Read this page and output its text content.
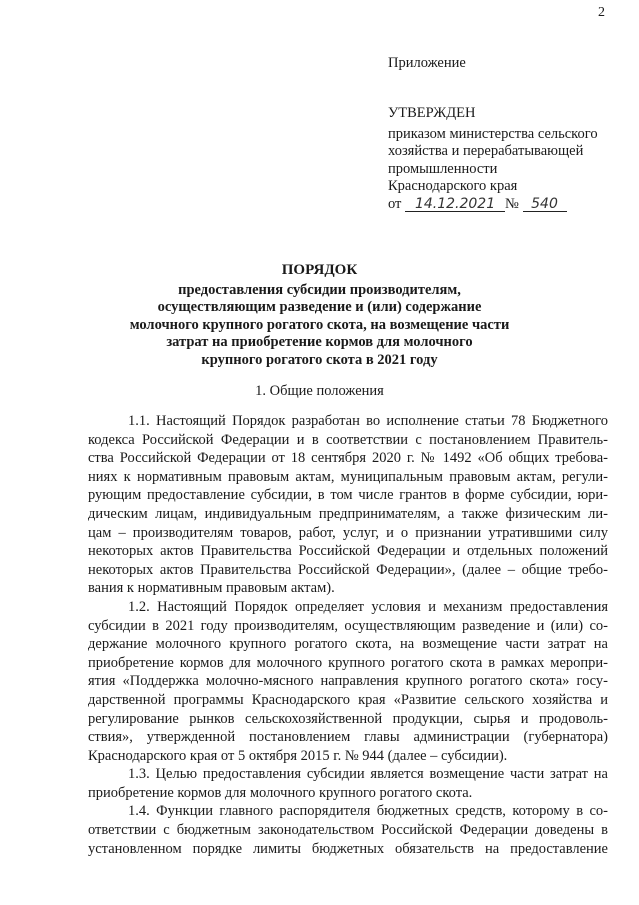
2
Приложение
УТВЕРЖДЕН
приказом министерства сельского
хозяйства и перерабатывающей
промышленности
Краснодарского края
от 14.12.2021 № 540
ПОРЯДОК
предоставления субсидии производителям,
осуществляющим разведение и (или) содержание
молочного крупного рогатого скота, на возмещение части
затрат на приобретение кормов для молочного
крупного рогатого скота в 2021 году
1. Общие положения
1.1. Настоящий Порядок разработан во исполнение статьи 78 Бюджетного
кодекса Российской Федерации и в соответствии с постановлением Правитель-
ства Российской Федерации от 18 сентября 2020 г. № 1492 «Об общих требова-
ниях к нормативным правовым актам, муниципальным правовым актам, регули-
рующим предоставление субсидии, в том числе грантов в форме субсидии, юри-
дическим лицам, индивидуальным предпринимателям, а также физическим ли-
цам – производителям товаров, работ, услуг, и о признании утратившими силу
некоторых актов Правительства Российской Федерации и отдельных положений
некоторых актов Правительства Российской Федерации», (далее – общие требо-
вания к нормативным правовым актам).
1.2. Настоящий Порядок определяет условия и механизм предоставления
субсидии в 2021 году производителям, осуществляющим разведение и (или) со-
держание молочного крупного рогатого скота, на возмещение части затрат на
приобретение кормов для молочного крупного рогатого скота в рамках меропри-
ятия «Поддержка молочно-мясного направления крупного рогатого скота» госу-
дарственной программы Краснодарского края «Развитие сельского хозяйства и
регулирование рынков сельскохозяйственной продукции, сырья и продоволь-
ствия», утвержденной постановлением главы администрации (губернатора)
Краснодарского края от 5 октября 2015 г. № 944 (далее – субсидии).
1.3. Целью предоставления субсидии является возмещение части затрат на
приобретение кормов для молочного крупного рогатого скота.
1.4. Функции главного распорядителя бюджетных средств, которому в со-
ответствии с бюджетным законодательством Российской Федерации доведены в
установленном порядке лимиты бюджетных обязательств на предоставление
